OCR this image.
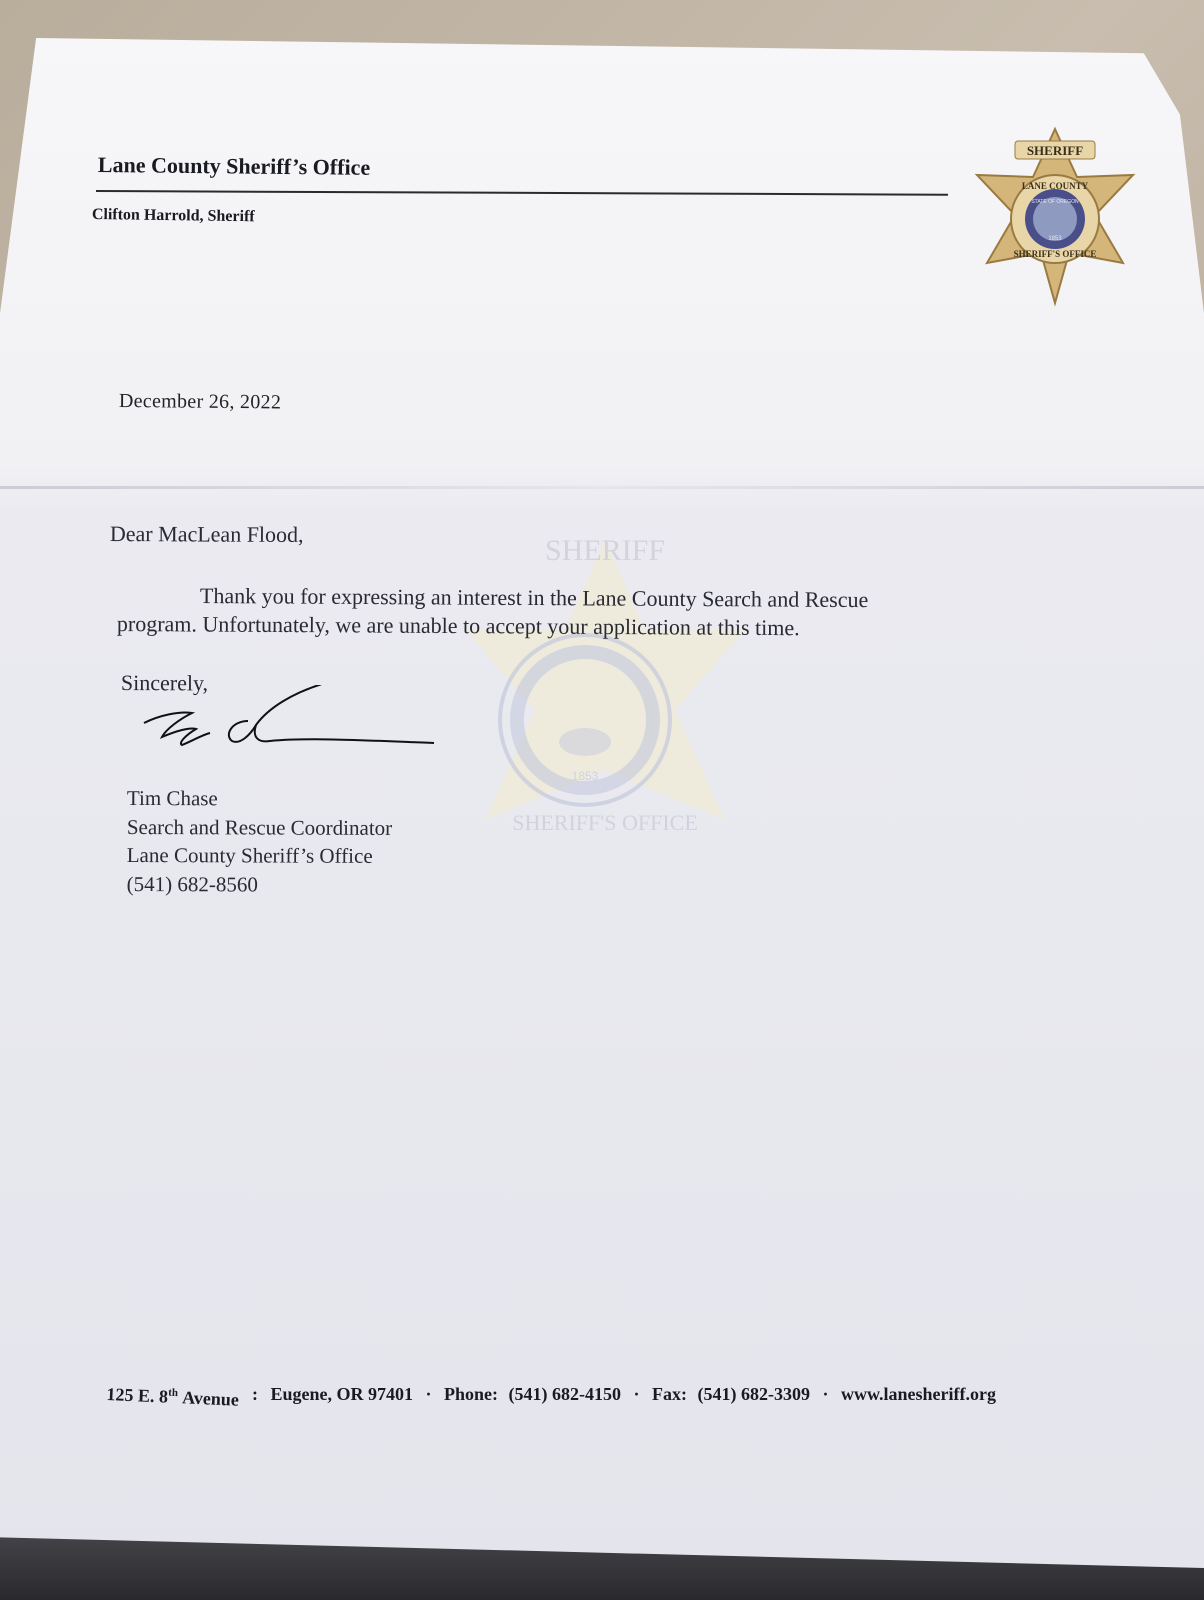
Lane County Sheriff’s Office
Clifton Harrold, Sheriff
SHERIFF
LANE COUNTY
STATE OF OREGON
1853
SHERIFF'S OFFICE
December 26, 2022
SHERIFF
SHERIFF'S OFFICE
1853
Dear MacLean Flood,
Thank you for expressing an interest in the Lane County Search and Rescue
program. Unfortunately, we are unable to accept your application at this time.
Sincerely,
Tim Chase
Search and Rescue Coordinator
Lane County Sheriff’s Office
(541) 682-8560
125 E. 8th Avenue : Eugene, OR 97401 · Phone: (541) 682-4150 · Fax: (541) 682-3309 · www.lanesheriff.org
